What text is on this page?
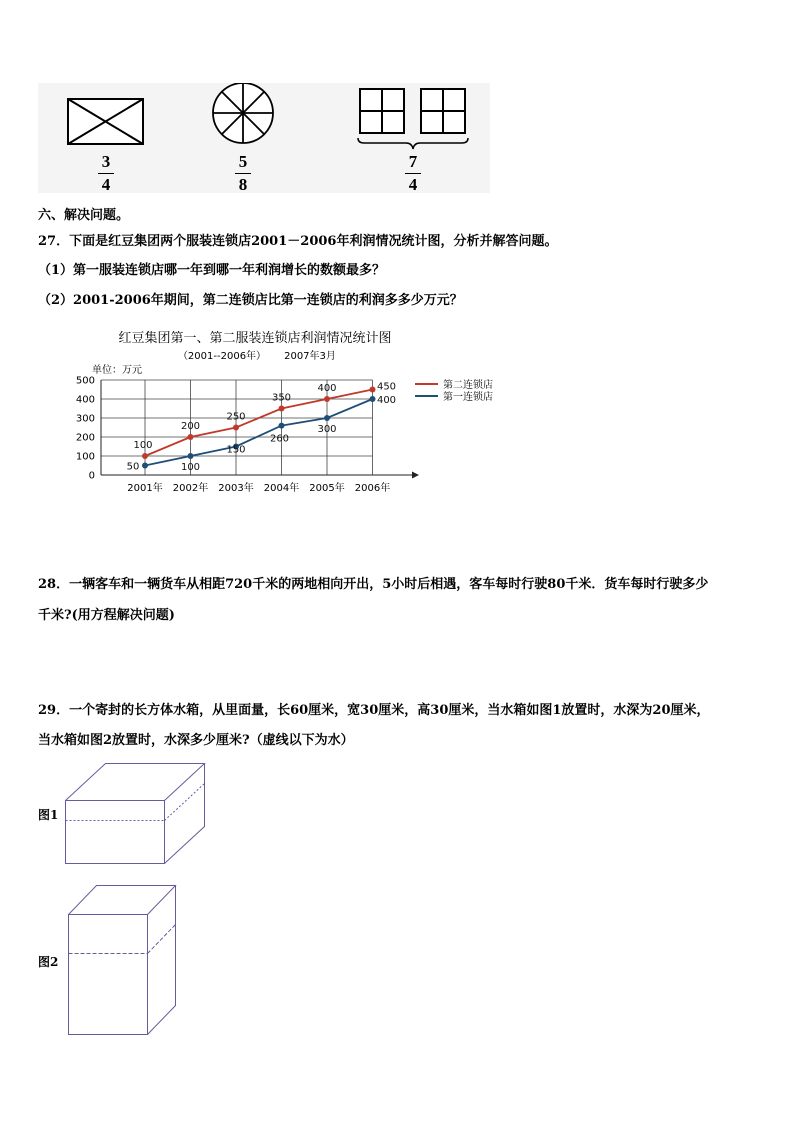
3
4
5
8
7
4
六、解决问题。
27．下面是红豆集团两个服装连锁店2001－2006年利润情况统计图，分析并解答问题。
（1）第一服装连锁店哪一年到哪一年利润增长的数额最多？
（2）2001-2006年期间，第二连锁店比第一连锁店的利润多多少万元？
红豆集团第一、第二服装连锁店利润情况统计图
（2001--2006年） 2007年3月
单位：万元
0
100
200
300
400
500
2001年 2002年 2003年 2004年 2005年 2006年
100
200
250
350
400	450	第二连锁店
50	100
150
260
300
400	第一连锁店
28．一辆客车和一辆货车从相距720千米的两地相向开出，5小时后相遇，客车每时行驶80千米．货车每时行驶多少
千米?(用方程解决问题)
29．一个寄封的长方体水箱，从里面量，长60厘米，宽30厘米，高30厘米，当水箱如图1放置时，水深为20厘米，
当水箱如图2放置时，水深多少厘米?（虚线以下为水）
图1
图2
